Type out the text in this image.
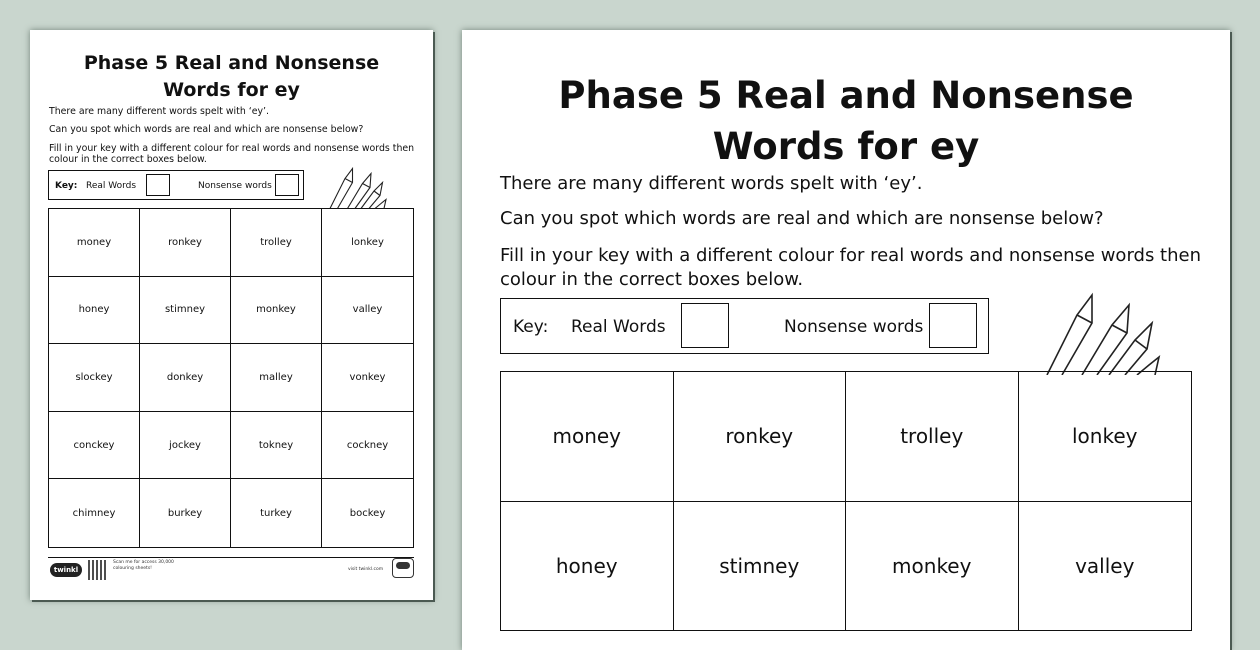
Phase 5 Real and Nonsense
Words for ey
There are many different words spelt with ‘ey’.
Can you spot which words are real and which are nonsense below?
Fill in your key with a different colour for real words and nonsense words then colour in the correct boxes below.
Key: Real Words	Nonsense words
money	ronkey	trolley	lonkey
honey	stimney	monkey	valley
slockey	donkey	malley	vonkey
conckey	jockey	tokney	cockney
chimney	burkey	turkey	bockey
twinkl
Scan me for access 30,000 colouring sheets!	visit twinkl.com
Phase 5 Real and Nonsense
Words for ey
There are many different words spelt with ‘ey’.
Can you spot which words are real and which are nonsense below?
Fill in your key with a different colour for real words and nonsense words then colour in the correct boxes below.
Key: Real Words	Nonsense words
money	ronkey	trolley	lonkey
honey	stimney	monkey	valley
